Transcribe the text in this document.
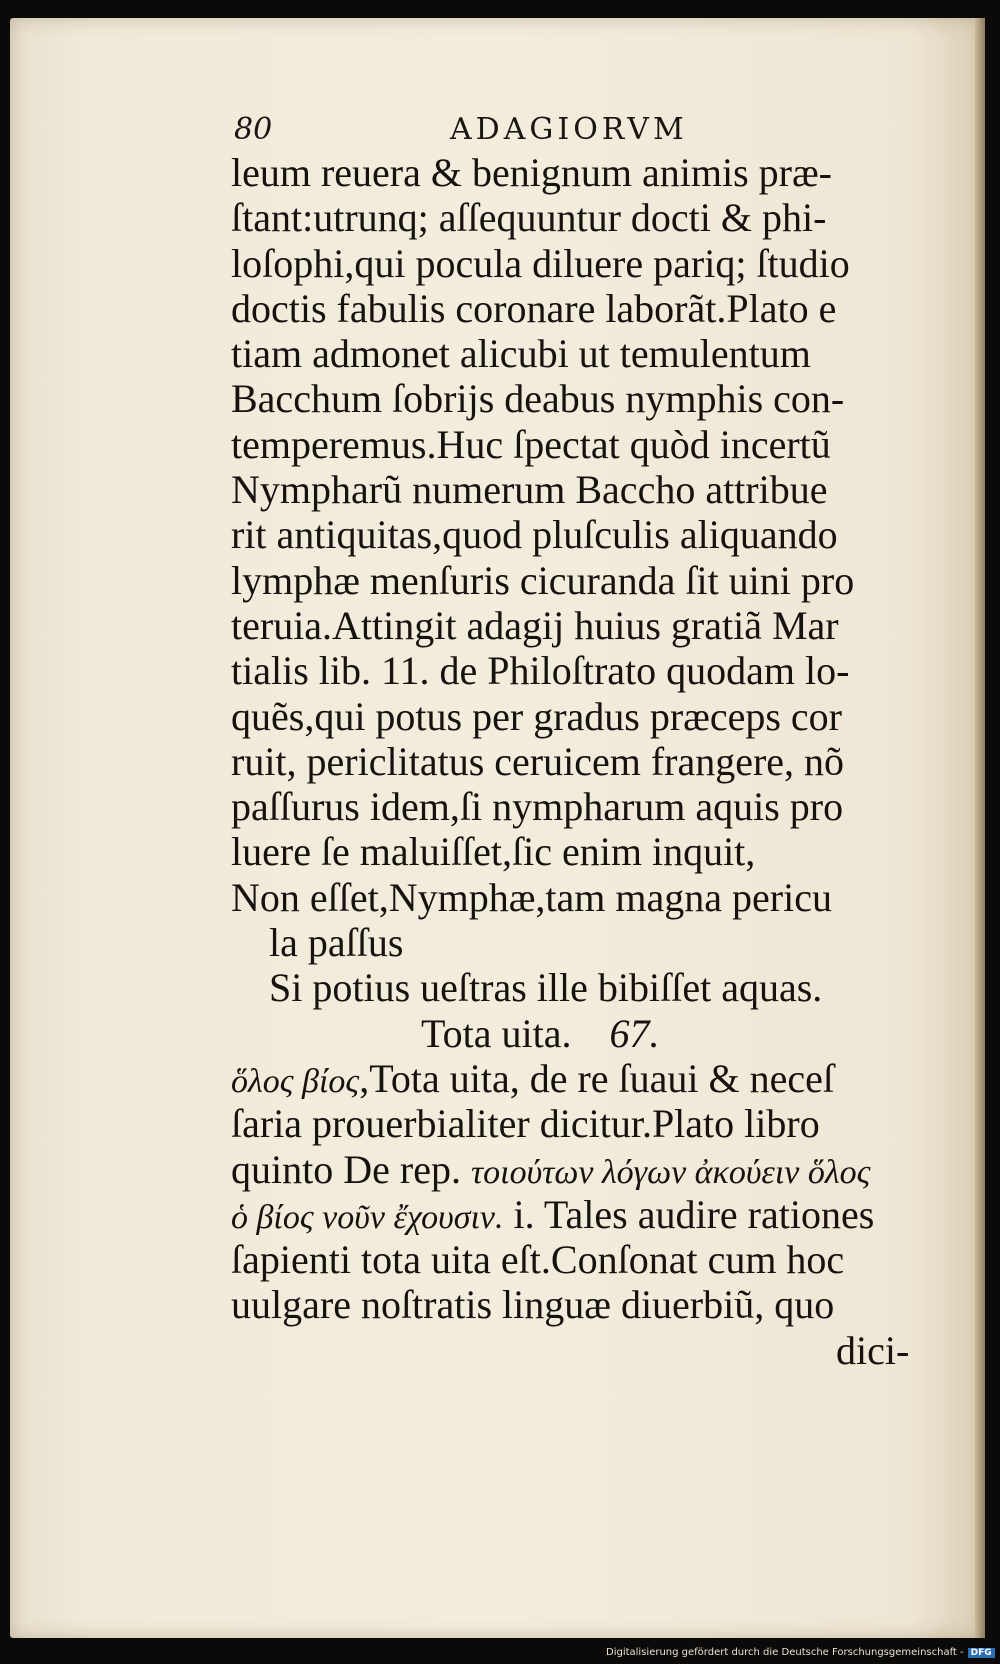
80	ADAGIORVM
leum reuera & benignum animis præ-
ſtant:utrunq; aſſequuntur docti & phi-
loſophi,qui pocula diluere pariq; ſtudio
doctis fabulis coronare laborãt.Plato e
tiam admonet alicubi ut temulentum
Bacchum ſobrijs deabus nymphis con-
temperemus.Huc ſpectat quòd incertũ
Nympharũ numerum Baccho attribue
rit antiquitas,quod pluſculis aliquando
lymphæ menſuris cicuranda ſit uini pro
teruia.Attingit adagij huius gratiã Mar
tialis lib. 11. de Philoſtrato quodam lo-
quẽs,qui potus per gradus præceps cor
ruit, periclitatus ceruicem frangere, nõ
paſſurus idem,ſi nympharum aquis pro
luere ſe maluiſſet,ſic enim inquit,
Non eſſet,Nymphæ,tam magna pericu
la paſſus
Si potius ueſtras ille bibiſſet aquas.
Tota uita. 67.
ὅλος βίος,Tota uita, de re ſuaui & neceſ
ſaria prouerbialiter dicitur.Plato libro
quinto De rep. τοιούτων λόγων ἀκούειν ὅλος
ὁ βίος νοῦν ἔχουσιν. i. Tales audire rationes
ſapienti tota uita eſt.Conſonat cum hoc
uulgare noſtratis linguæ diuerbiũ, quo
dici-
Digitalisierung gefördert durch die Deutsche Forschungsgemeinschaft - DFG
